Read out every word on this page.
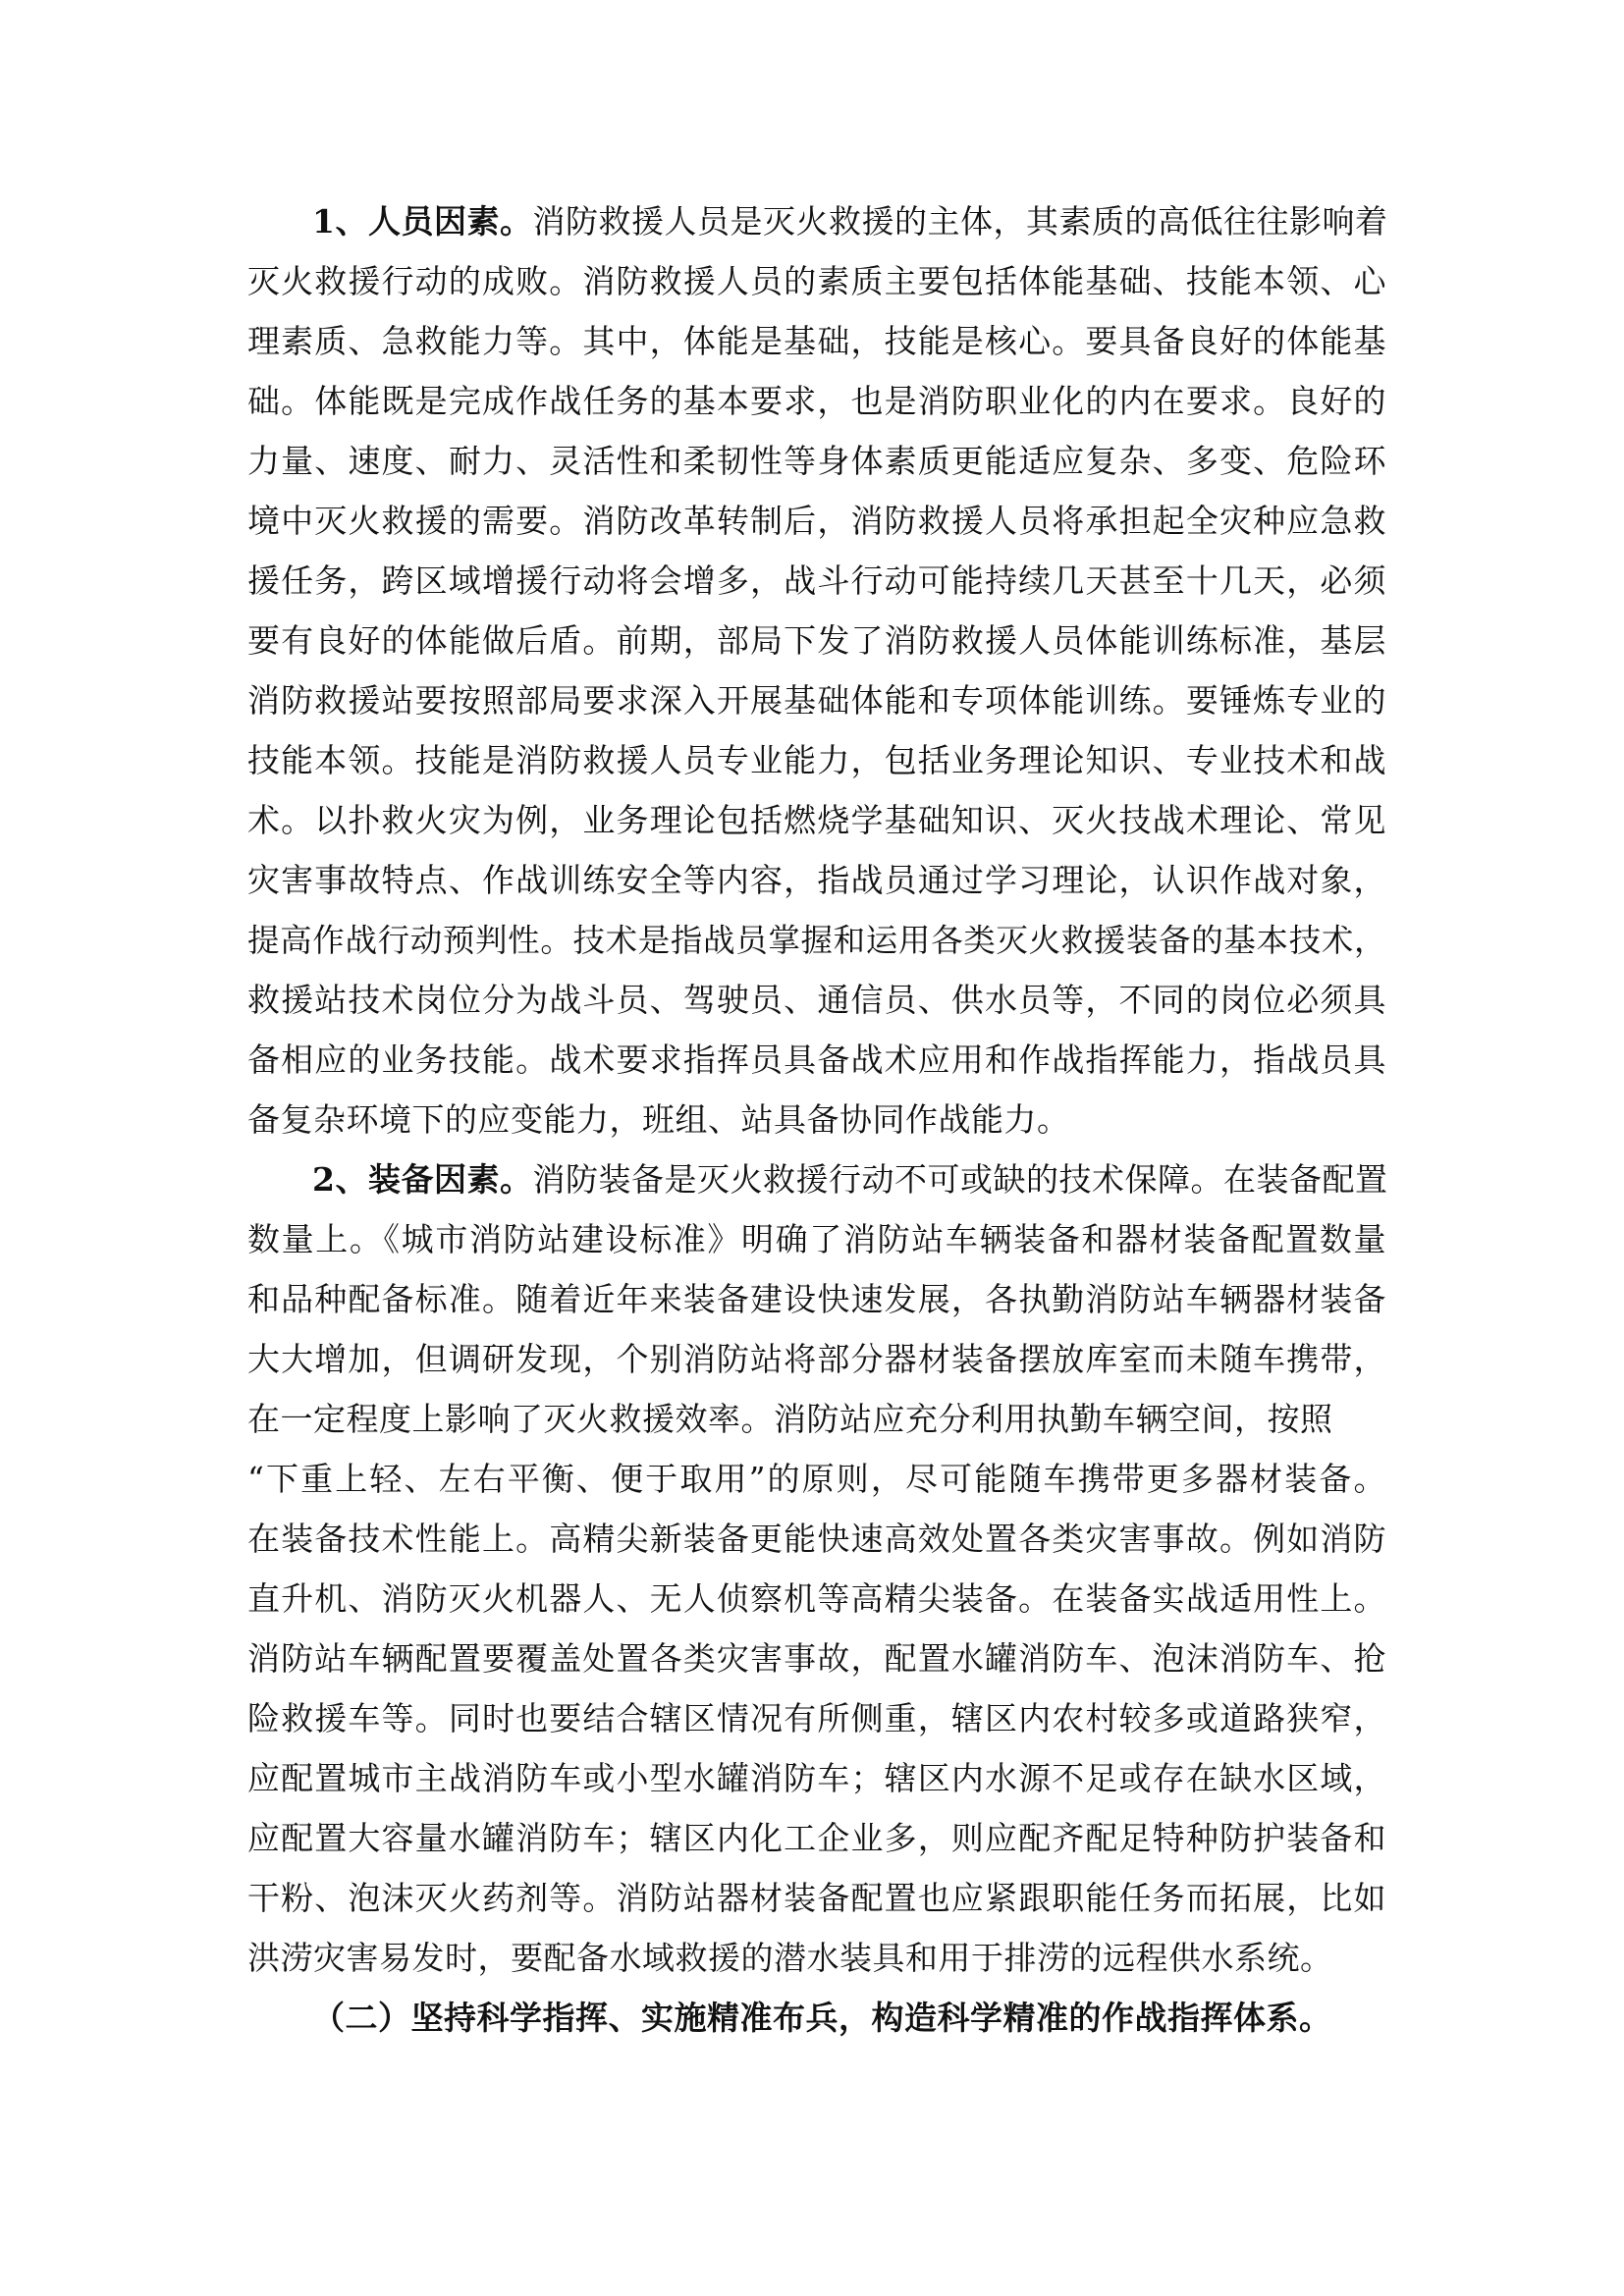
1、人员因素。消防救援人员是灭火救援的主体，其素质的高低往往影响着
灭火救援行动的成败。消防救援人员的素质主要包括体能基础、技能本领、心
理素质、急救能力等。其中，体能是基础，技能是核心。要具备良好的体能基
础。体能既是完成作战任务的基本要求，也是消防职业化的内在要求。良好的
力量、速度、耐力、灵活性和柔韧性等身体素质更能适应复杂、多变、危险环
境中灭火救援的需要。消防改革转制后，消防救援人员将承担起全灾种应急救
援任务，跨区域增援行动将会增多，战斗行动可能持续几天甚至十几天，必须
要有良好的体能做后盾。前期，部局下发了消防救援人员体能训练标准，基层
消防救援站要按照部局要求深入开展基础体能和专项体能训练。要锤炼专业的
技能本领。技能是消防救援人员专业能力，包括业务理论知识、专业技术和战
术。以扑救火灾为例，业务理论包括燃烧学基础知识、灭火技战术理论、常见
灾害事故特点、作战训练安全等内容，指战员通过学习理论，认识作战对象，
提高作战行动预判性。技术是指战员掌握和运用各类灭火救援装备的基本技术，
救援站技术岗位分为战斗员、驾驶员、通信员、供水员等，不同的岗位必须具
备相应的业务技能。战术要求指挥员具备战术应用和作战指挥能力，指战员具
备复杂环境下的应变能力，班组、站具备协同作战能力。
2、装备因素。消防装备是灭火救援行动不可或缺的技术保障。在装备配置
数量上。《城市消防站建设标准》明确了消防站车辆装备和器材装备配置数量
和品种配备标准。随着近年来装备建设快速发展，各执勤消防站车辆器材装备
大大增加，但调研发现，个别消防站将部分器材装备摆放库室而未随车携带，
在一定程度上影响了灭火救援效率。消防站应充分利用执勤车辆空间，按照
“下重上轻、左右平衡、便于取用”的原则，尽可能随车携带更多器材装备。
在装备技术性能上。高精尖新装备更能快速高效处置各类灾害事故。例如消防
直升机、消防灭火机器人、无人侦察机等高精尖装备。在装备实战适用性上。
消防站车辆配置要覆盖处置各类灾害事故，配置水罐消防车、泡沫消防车、抢
险救援车等。同时也要结合辖区情况有所侧重，辖区内农村较多或道路狭窄，
应配置城市主战消防车或小型水罐消防车；辖区内水源不足或存在缺水区域，
应配置大容量水罐消防车；辖区内化工企业多，则应配齐配足特种防护装备和
干粉、泡沫灭火药剂等。消防站器材装备配置也应紧跟职能任务而拓展，比如
洪涝灾害易发时，要配备水域救援的潜水装具和用于排涝的远程供水系统。
（二）坚持科学指挥、实施精准布兵，构造科学精准的作战指挥体系。
